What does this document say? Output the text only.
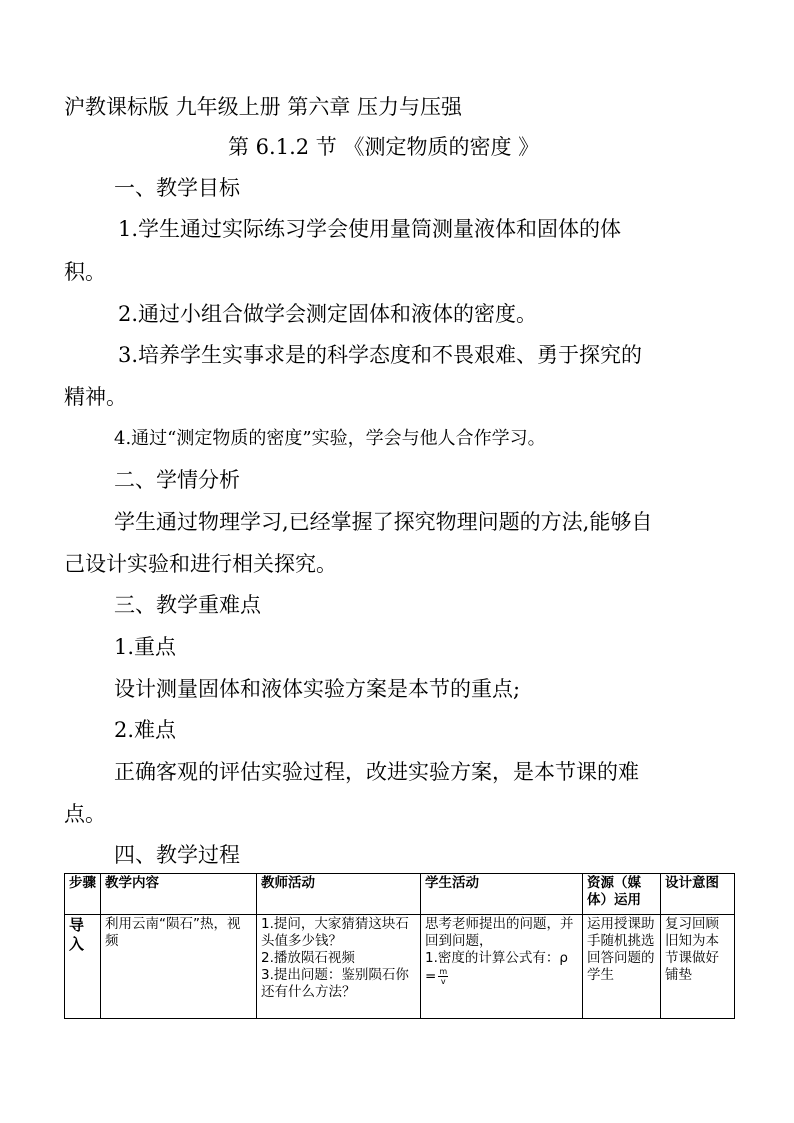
沪教课标版 九年级上册 第六章 压力与压强
第 6.1.2 节 《测定物质的密度 》
一、教学目标
1.学生通过实际练习学会使用量筒测量液体和固体的体
积。
2.通过小组合做学会测定固体和液体的密度。
3.培养学生实事求是的科学态度和不畏艰难、勇于探究的
精神。
4.通过“测定物质的密度”实验，学会与他人合作学习。
二、学情分析
学生通过物理学习,已经掌握了探究物理问题的方法,能够自
己设计实验和进行相关探究。
三、教学重难点
1.重点
设计测量固体和液体实验方案是本节的重点;
2.难点
正确客观的评估实验过程，改进实验方案，是本节课的难
点。
四、教学过程
步骤	教学内容	教师活动	学生活动	资源（媒体）运用	设计意图
导入	利用云南“陨石”热，视频	1.提问，大家猜猜这块石头值多少钱？
2.播放陨石视频
3.提出问题：鉴别陨石你还有什么方法？	思考老师提出的问题，并回到问题，
1.密度的计算公式有：$\rho = \frac{m}{v}$	运用授课助手随机挑选回答问题的学生	复习回顾旧知为本节课做好铺垫
